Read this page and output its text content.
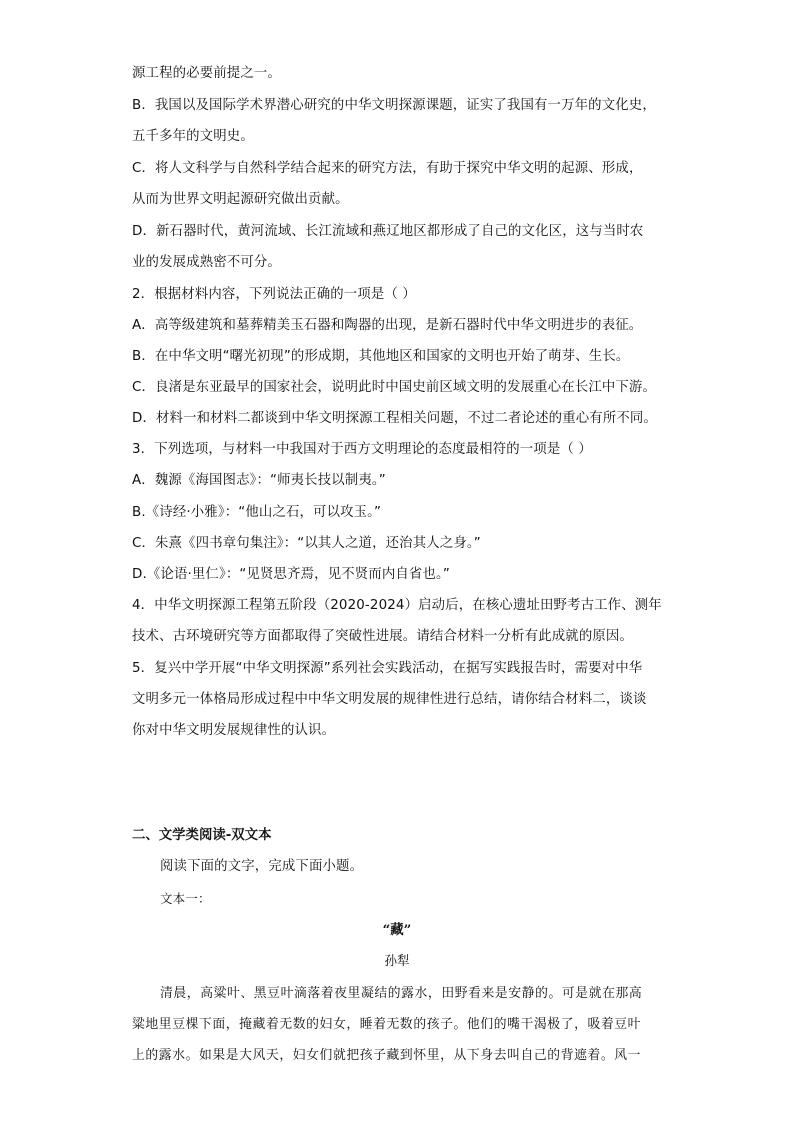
源工程的必要前提之一。
B．我国以及国际学术界潜心研究的中华文明探源课题，证实了我国有一万年的文化史，
五千多年的文明史。
C．将人文科学与自然科学结合起来的研究方法，有助于探究中华文明的起源、形成，
从而为世界文明起源研究做出贡献。
D．新石器时代，黄河流域、长江流域和燕辽地区都形成了自己的文化区，这与当时农
业的发展成熟密不可分。
2．根据材料内容，下列说法正确的一项是（ ）
A．高等级建筑和墓葬精美玉石器和陶器的出现，是新石器时代中华文明进步的表征。
B．在中华文明“曙光初现”的形成期，其他地区和国家的文明也开始了萌芽、生长。
C．良渚是东亚最早的国家社会，说明此时中国史前区域文明的发展重心在长江中下游。
D．材料一和材料二都谈到中华文明探源工程相关问题，不过二者论述的重心有所不同。
3．下列选项，与材料一中我国对于西方文明理论的态度最相符的一项是（ ）
A．魏源《海国图志》：“师夷长技以制夷。”
B.《诗经·小雅》：“他山之石，可以攻玉。”
C．朱熹《四书章句集注》：“以其人之道，还治其人之身。”
D.《论语·里仁》：“见贤思齐焉，见不贤而内自省也。”
4．中华文明探源工程第五阶段（2020-2024）启动后，在核心遗址田野考古工作、测年
技术、古环境研究等方面都取得了突破性进展。请结合材料一分析有此成就的原因。
5．复兴中学开展“中华文明探源”系列社会实践活动，在据写实践报告时，需要对中华
文明多元一体格局形成过程中中华文明发展的规律性进行总结，请你结合材料二，谈谈
你对中华文明发展规律性的认识。
二、文学类阅读-双文本
阅读下面的文字，完成下面小题。
文本一：
“藏”
孙犁
清晨，高粱叶、黑豆叶滴落着夜里凝结的露水，田野看来是安静的。可是就在那高
粱地里豆棵下面，掩藏着无数的妇女，睡着无数的孩子。他们的嘴干渴极了，吸着豆叶
上的露水。如果是大风天，妇女们就把孩子藏到怀里，从下身去叫自己的背遮着。风一
